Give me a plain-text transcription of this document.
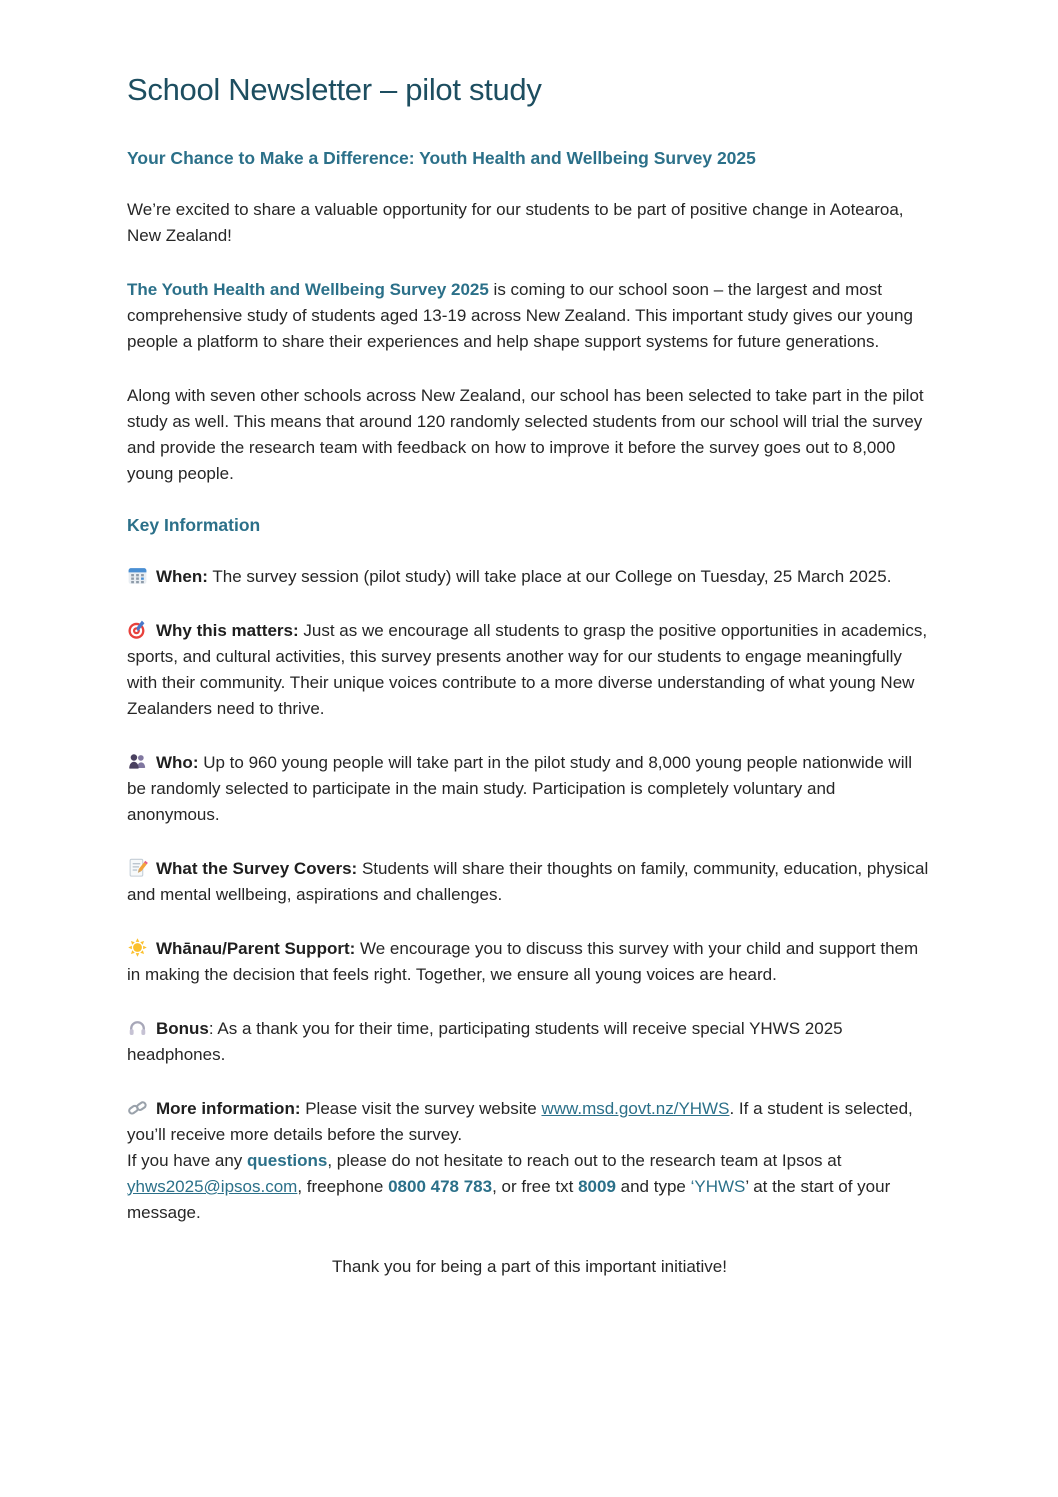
School Newsletter – pilot study
Your Chance to Make a Difference: Youth Health and Wellbeing Survey 2025

We’re excited to share a valuable opportunity for our students to be part of positive change in Aotearoa, New Zealand!

The Youth Health and Wellbeing Survey 2025 is coming to our school soon – the largest and most comprehensive study of students aged 13-19 across New Zealand. This important study gives our young people a platform to share their experiences and help shape support systems for future generations.

Along with seven other schools across New Zealand, our school has been selected to take part in the pilot study as well. This means that around 120 randomly selected students from our school will trial the survey and provide the research team with feedback on how to improve it before the survey goes out to 8,000 young people.

Key Information

When: The survey session (pilot study) will take place at our College on Tuesday, 25 March 2025.

Why this matters: Just as we encourage all students to grasp the positive opportunities in academics, sports, and cultural activities, this survey presents another way for our students to engage meaningfully with their community. Their unique voices contribute to a more diverse understanding of what young New Zealanders need to thrive.

Who: Up to 960 young people will take part in the pilot study and 8,000 young people nationwide will be randomly selected to participate in the main study. Participation is completely voluntary and anonymous.

What the Survey Covers: Students will share their thoughts on family, community, education, physical and mental wellbeing, aspirations and challenges.

Whānau/Parent Support: We encourage you to discuss this survey with your child and support them in making the decision that feels right. Together, we ensure all young voices are heard.

Bonus: As a thank you for their time, participating students will receive special YHWS 2025 headphones.

More information: Please visit the survey website www.msd.govt.nz/YHWS. If a student is selected, you’ll receive more details before the survey.
If you have any questions, please do not hesitate to reach out to the research team at Ipsos at yhws2025@ipsos.com, freephone 0800 478 783, or free txt 8009 and type ‘YHWS’ at the start of your message.

Thank you for being a part of this important initiative!
